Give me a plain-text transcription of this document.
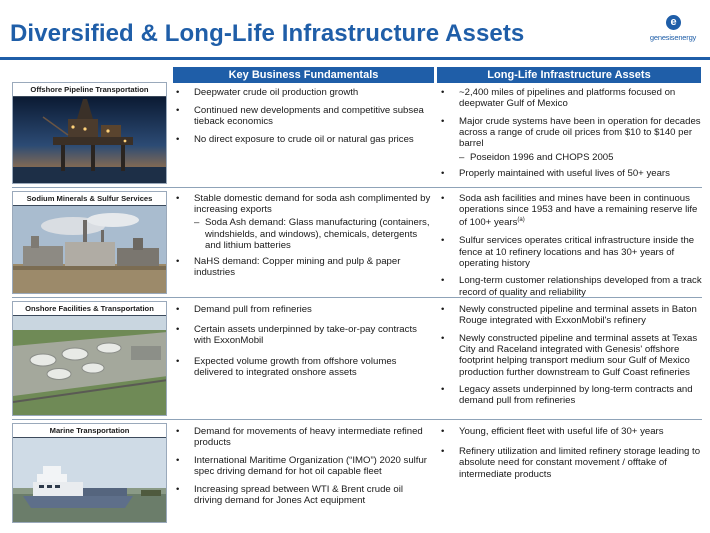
Diversified & Long-Life Infrastructure Assets	e
genesisenergy
Key Business Fundamentals	Long-Life Infrastructure Assets
Offshore Pipeline Transportation
Sodium Minerals & Sulfur Services
Onshore Facilities & Transportation
Marine Transportation
• Deepwater crude oil production growth
• Continued new developments and competitive subsea tieback economics
• No direct exposure to crude oil or natural gas prices
• ~2,400 miles of pipelines and platforms focused on deepwater Gulf of Mexico
• Major crude systems have been in operation for decades across a range of crude oil prices from $10 to $140 per barrel
– Poseidon 1996 and CHOPS 2005
• Properly maintained with useful lives of 50+ years
• Stable domestic demand for soda ash complimented by increasing exports
– Soda Ash demand: Glass manufacturing (containers, windshields, and windows), chemicals, detergents and lithium batteries
• NaHS demand: Copper mining and pulp & paper industries
• Soda ash facilities and mines have been in continuous operations since 1953 and have a remaining reserve life of 100+ years$^{(a)}$
• Sulfur services operates critical infrastructure inside the fence at 10 refinery locations and has 30+ years of operating history
• Long-term customer relationships developed from a track record of quality and reliability
• Demand pull from refineries
• Certain assets underpinned by take-or-pay contracts with ExxonMobil
• Expected volume growth from offshore volumes delivered to integrated onshore assets
• Newly constructed pipeline and terminal assets in Baton Rouge integrated with ExxonMobil's refinery
• Newly constructed pipeline and terminal assets at Texas City and Raceland integrated with Genesis' offshore footprint helping transport medium sour Gulf of Mexico production further downstream to Gulf Coast refineries
• Legacy assets underpinned by long-term contracts and demand pull from refineries
• Demand for movements of heavy intermediate refined products
• International Maritime Organization (“IMO”) 2020 sulfur spec driving demand for hot oil capable fleet
• Increasing spread between WTI & Brent crude oil driving demand for Jones Act equipment
• Young, efficient fleet with useful life of 30+ years
• Refinery utilization and limited refinery storage leading to absolute need for constant movement / offtake of intermediate products
